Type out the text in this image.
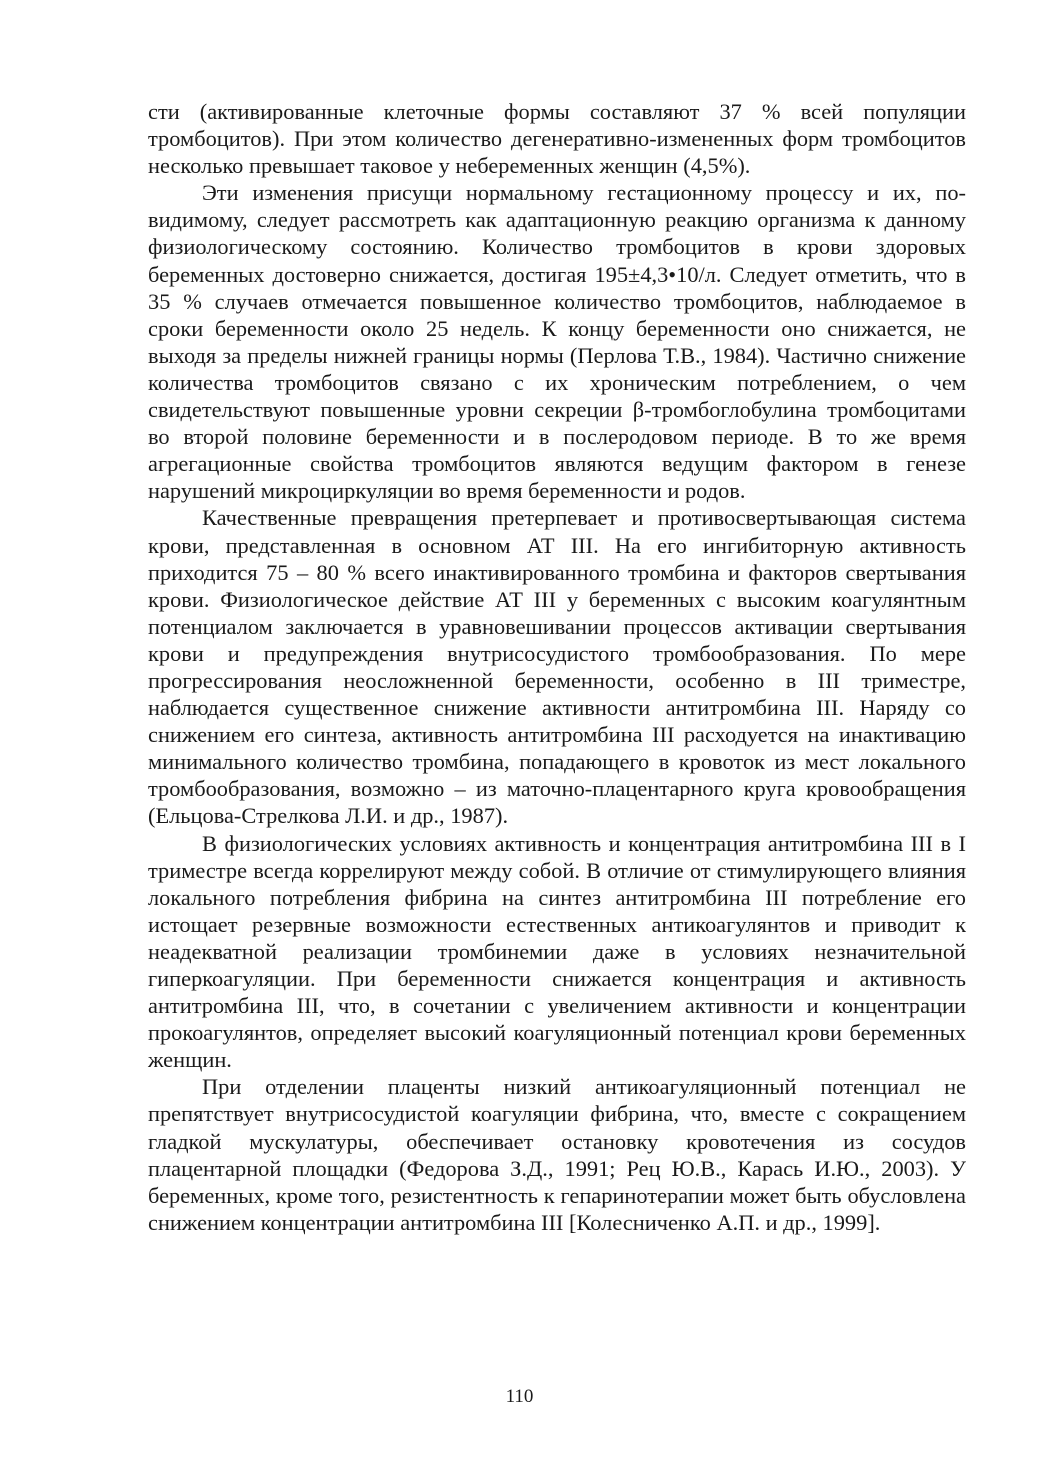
сти (активированные клеточные формы составляют 37 % всей популяции тромбоцитов). При этом количество дегенеративно-измененных форм тромбоцитов несколько превышает таковое у небеременных женщин (4,5%).

Эти изменения присущи нормальному гестационному процессу и их, по-видимому, следует рассмотреть как адаптационную реакцию организма к данному физиологическому состоянию. Количество тромбоцитов в крови здоровых беременных достоверно снижается, достигая 195±4,3•10/л. Следует отметить, что в 35 % случаев отмечается повышенное количество тромбоцитов, наблюдаемое в сроки беременности около 25 недель. К концу беременности оно снижается, не выходя за пределы нижней границы нормы (Перлова Т.В., 1984). Частично снижение количества тромбоцитов связано с их хроническим потреблением, о чем свидетельствуют повышенные уровни секреции β-тромбоглобулина тромбоцитами во второй половине беременности и в послеродовом периоде. В то же время агрегационные свойства тромбоцитов являются ведущим фактором в генезе нарушений микроциркуляции во время беременности и родов.

Качественные превращения претерпевает и противосвертывающая система крови, представленная в основном АТ III. На его ингибиторную активность приходится 75 – 80 % всего инактивированного тромбина и факторов свертывания крови. Физиологическое действие АТ III у беременных с высоким коагулянтным потенциалом заключается в уравновешивании процессов активации свертывания крови и предупреждения внутрисосудистого тромбообразования. По мере прогрессирования неосложненной беременности, особенно в III триместре, наблюдается существенное снижение активности антитромбина III. Наряду со снижением его синтеза, активность антитромбина III расходуется на инактивацию минимального количество тромбина, попадающего в кровоток из мест локального тромбообразования, возможно – из маточно-плацентарного круга кровообращения (Ельцова-Стрелкова Л.И. и др., 1987).

В физиологических условиях активность и концентрация антитромбина III в I триместре всегда коррелируют между собой. В отличие от стимулирующего влияния локального потребления фибрина на синтез антитромбина III потребление его истощает резервные возможности естественных антикоагулянтов и приводит к неадекватной реализации тромбинемии даже в условиях незначительной гиперкоагуляции. При беременности снижается концентрация и активность антитромбина III, что, в сочетании с увеличением активности и концентрации прокоагулянтов, определяет высокий коагуляционный потенциал крови беременных женщин.

При отделении плаценты низкий антикоагуляционный потенциал не препятствует внутрисосудистой коагуляции фибрина, что, вместе с сокращением гладкой мускулатуры, обеспечивает остановку кровотечения из сосудов плацентарной площадки (Федорова З.Д., 1991; Рец Ю.В., Карась И.Ю., 2003). У беременных, кроме того, резистентность к гепаринотерапии может быть обусловлена снижением концентрации антитромбина III [Колесниченко А.П. и др., 1999].

110
